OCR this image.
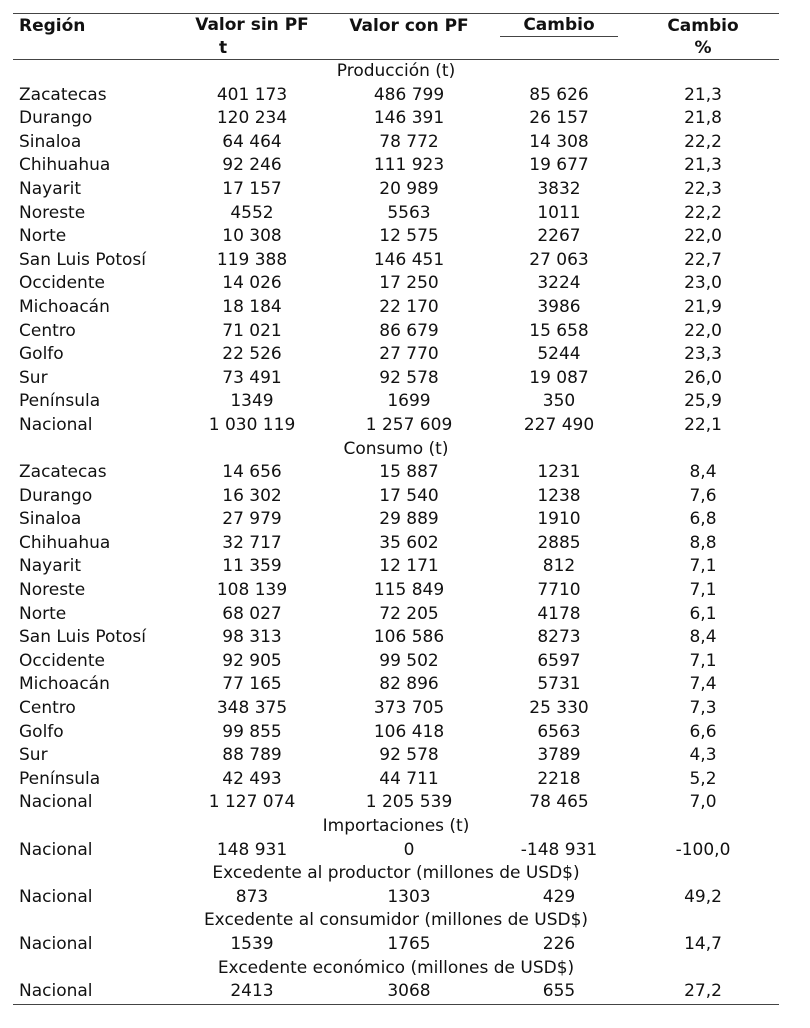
Región	Valor sin PF	Valor con PF	Cambio	Cambio

	t			%
Producción (t)				
Zacatecas	401 173	486 799	85 626	21,3
Durango	120 234	146 391	26 157	21,8
Sinaloa	64 464	78 772	14 308	22,2
Chihuahua	92 246	111 923	19 677	21,3
Nayarit	17 157	20 989	3832	22,3
Noreste	4552	5563	1011	22,2
Norte	10 308	12 575	2267	22,0
San Luis Potosí	119 388	146 451	27 063	22,7
Occidente	14 026	17 250	3224	23,0
Michoacán	18 184	22 170	3986	21,9
Centro	71 021	86 679	15 658	22,0
Golfo	22 526	27 770	5244	23,3
Sur	73 491	92 578	19 087	26,0
Península	1349	1699	350	25,9
Nacional	1 030 119	1 257 609	227 490	22,1
Consumo (t)				
Zacatecas	14 656	15 887	1231	8,4
Durango	16 302	17 540	1238	7,6
Sinaloa	27 979	29 889	1910	6,8
Chihuahua	32 717	35 602	2885	8,8
Nayarit	11 359	12 171	812	7,1
Noreste	108 139	115 849	7710	7,1
Norte	68 027	72 205	4178	6,1
San Luis Potosí	98 313	106 586	8273	8,4
Occidente	92 905	99 502	6597	7,1
Michoacán	77 165	82 896	5731	7,4
Centro	348 375	373 705	25 330	7,3
Golfo	99 855	106 418	6563	6,6
Sur	88 789	92 578	3789	4,3
Península	42 493	44 711	2218	5,2
Nacional	1 127 074	1 205 539	78 465	7,0
Importaciones (t)				
Nacional	148 931	0	-148 931	-100,0
Excedente al productor (millones de USD$)				
Nacional	873	1303	429	49,2
Excedente al consumidor (millones de USD$)				
Nacional	1539	1765	226	14,7
Excedente económico (millones de USD$)				
Nacional	2413	3068	655	27,2
